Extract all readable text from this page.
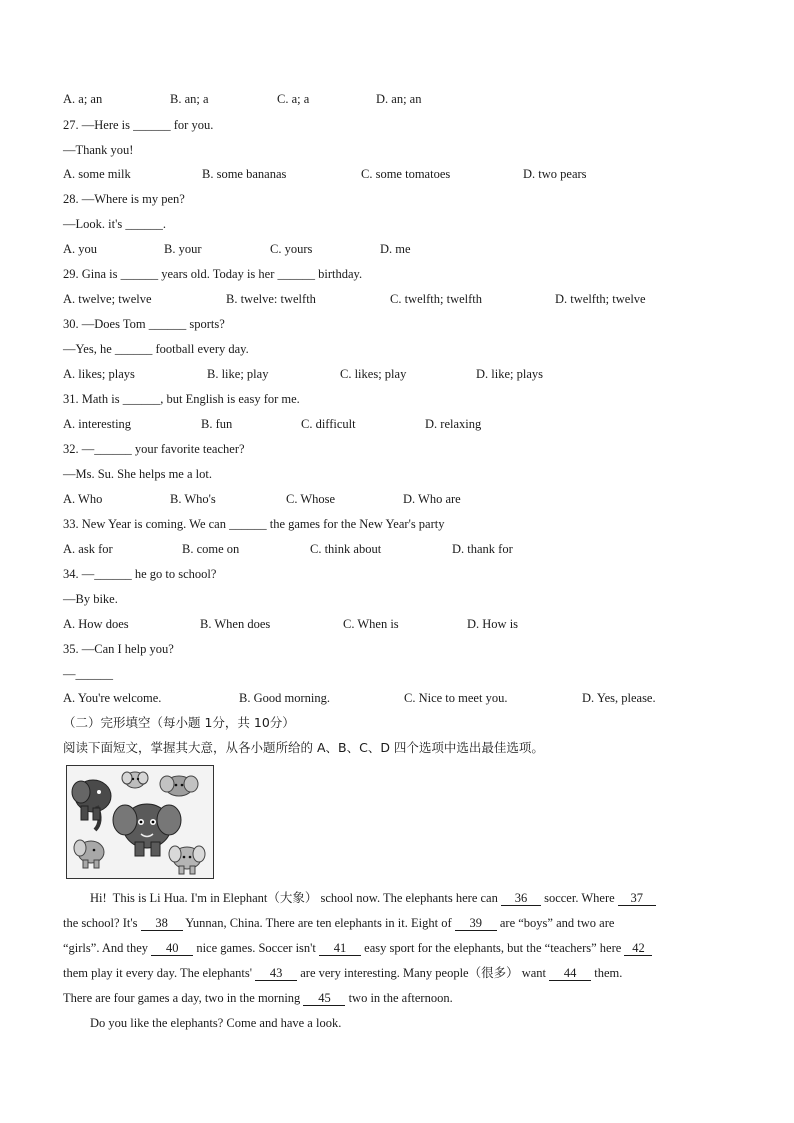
A. a; an	B. an; a	C. a; a	D. an; an
27. —Here is ______ for you.
—Thank you!
A. some milk	B. some bananas	C. some tomatoes	D. two pears
28. —Where is my pen?
—Look. it's ______.
A. you	B. your	C. yours	D. me
29. Gina is ______ years old. Today is her ______ birthday.
A. twelve; twelve	B. twelve: twelfth	C. twelfth; twelfth	D. twelfth; twelve
30. —Does Tom ______ sports?
—Yes, he ______ football every day.
A. likes; plays	B. like; play	C. likes; play	D. like; plays
31. Math is ______, but English is easy for me.
A. interesting	B. fun	C. difficult	D. relaxing
32. —______ your favorite teacher?
—Ms. Su. She helps me a lot.
A. Who	B. Who's	C. Whose	D. Who are
33. New Year is coming. We can ______ the games for the New Year's party
A. ask for	B. come on	C. think about	D. thank for
34. —______ he go to school?
—By bike.
A. How does	B. When does	C. When is	D. How is
35. —Can I help you?
—______
A. You're welcome.	B. Good morning.	C. Nice to meet you.	D. Yes, please.
（二）完形填空（每小题 1分，共 10分）
阅读下面短文，掌握其大意，从各小题所给的 A、B、C、D 四个选项中选出最佳选项。
Hi!  This is Li Hua. I'm in Elephant（大象） school now. The elephants here can 36 soccer. Where 37
the school? It's 38 Yunnan, China. There are ten elephants in it. Eight of 39 are “boys” and two are
“girls”. And they 40 nice games. Soccer isn't 41 easy sport for the elephants, but the “teachers” here 42
them play it every day. The elephants' 43 are very interesting. Many people（很多） want 44 them.
There are four games a day, two in the morning 45 two in the afternoon.
Do you like the elephants? Come and have a look.
